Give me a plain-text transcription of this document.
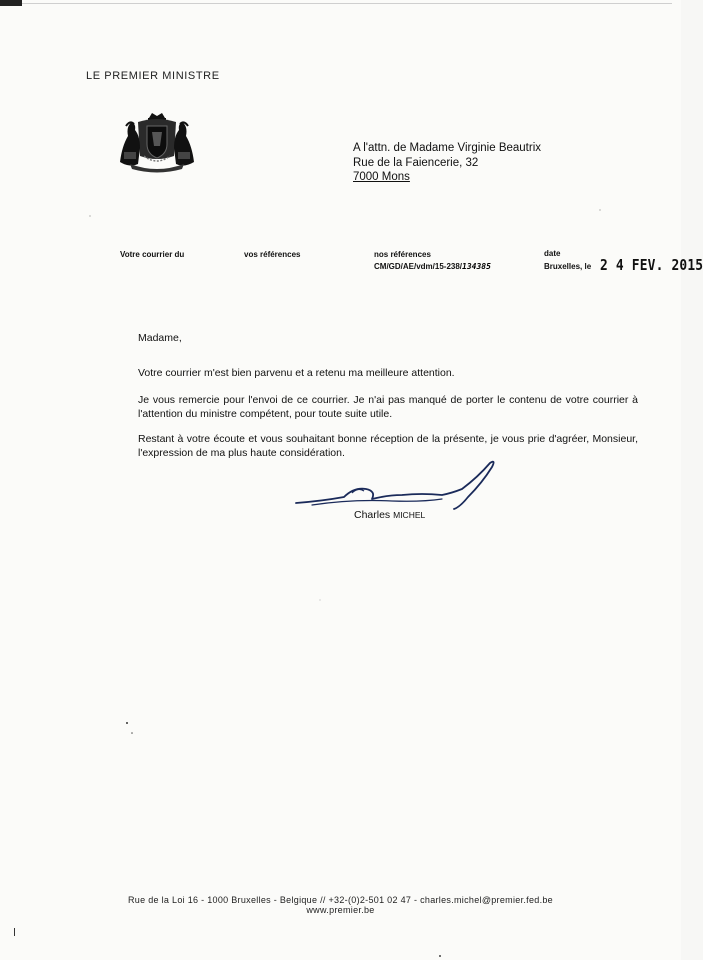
LE PREMIER MINISTRE
A l'attn. de Madame Virginie Beautrix
Rue de la Faiencerie, 32
7000 Mons
Votre courrier du	vos références	nos références
CM/GD/AE/vdm/15-238/134385
date
Bruxelles, le 2 4 FEV. 2015
Madame,
Votre courrier m'est bien parvenu et a retenu ma meilleure attention.
Je vous remercie pour l'envoi de ce courrier. Je n'ai pas manqué de porter le contenu de votre courrier à l'attention du ministre compétent, pour toute suite utile.
Restant à votre écoute et vous souhaitant bonne réception de la présente, je vous prie d'agréer, Monsieur, l'expression de ma plus haute considération.
Charles MICHEL
Rue de la Loi 16 - 1000 Bruxelles - Belgique // +32-(0)2-501 02 47 - charles.michel@premier.fed.be
www.premier.be
